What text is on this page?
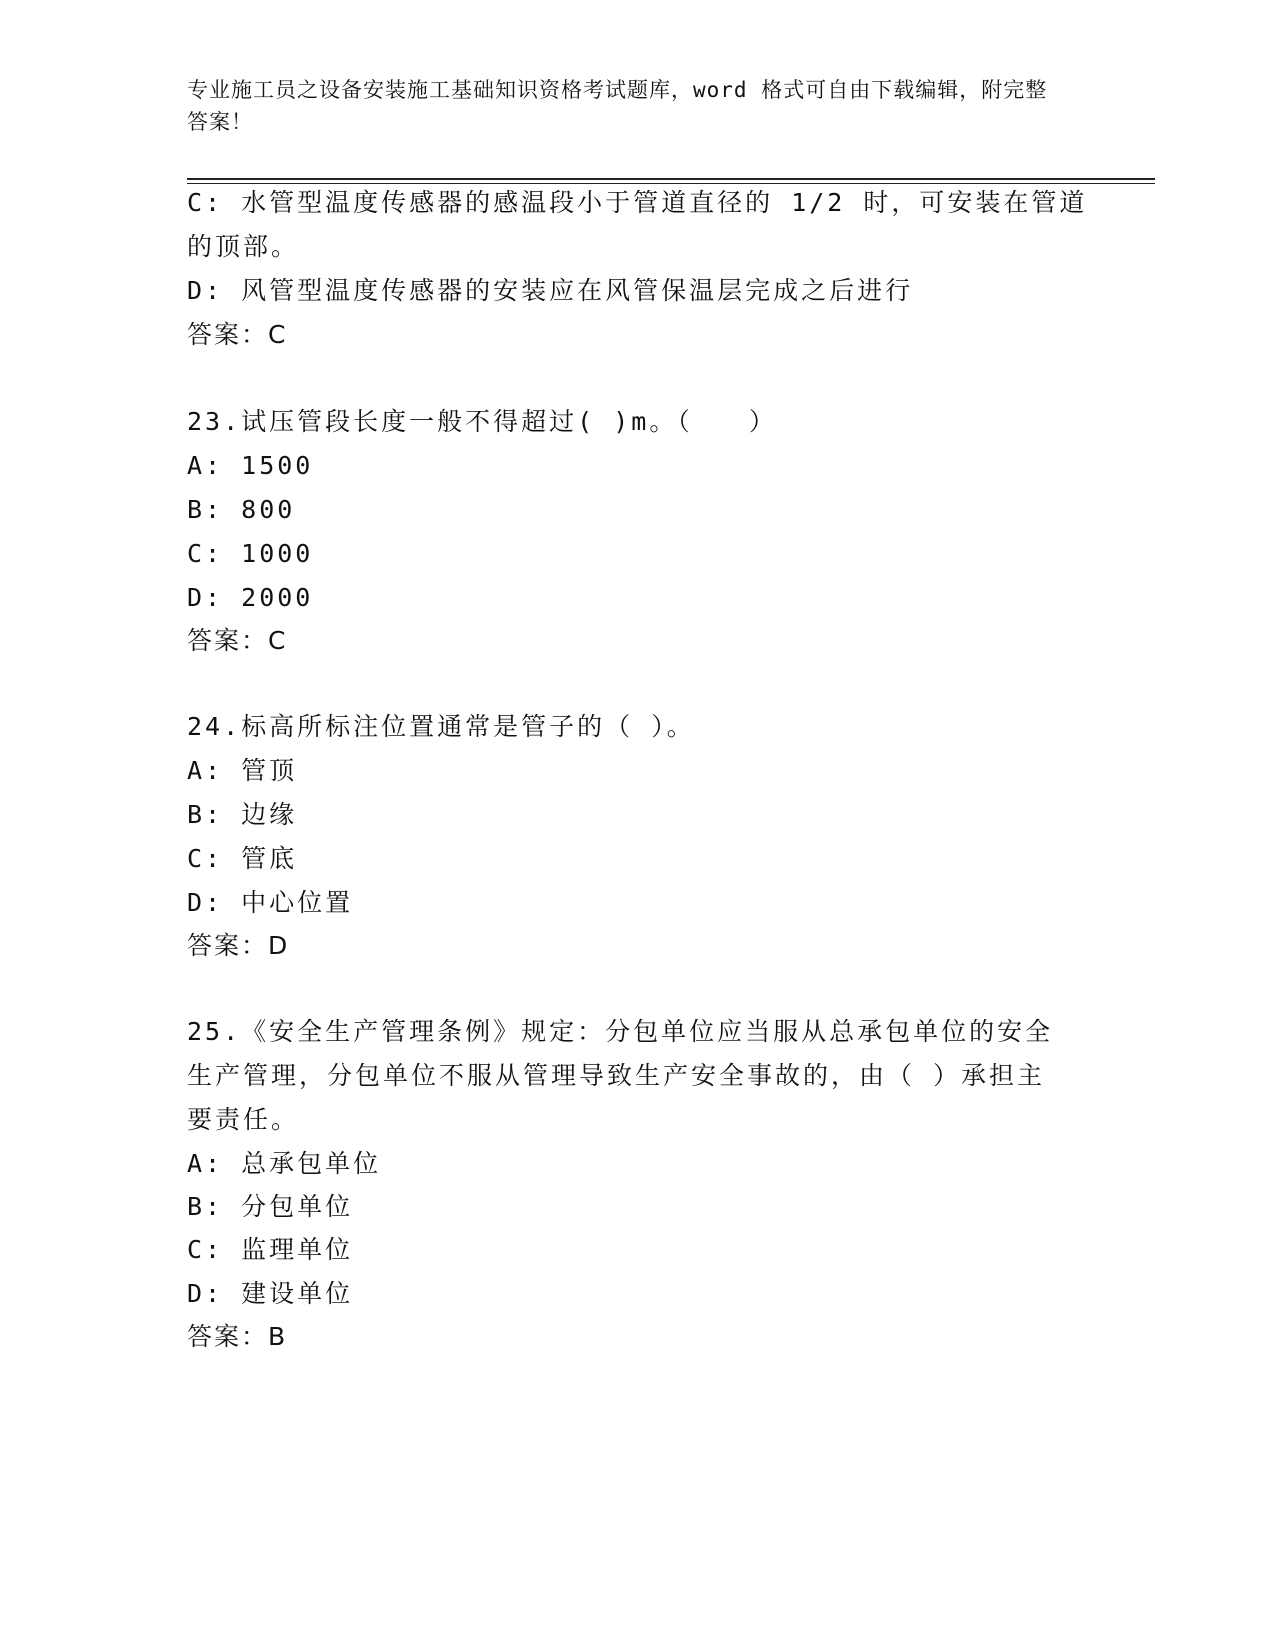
专业施工员之设备安装施工基础知识资格考试题库，word 格式可自由下载编辑，附完整答案！
C: 水管型温度传感器的感温段小于管道直径的 1/2 时，可安装在管道
的顶部。
D: 风管型温度传感器的安装应在风管保温层完成之后进行
答案：C
23.试压管段长度一般不得超过( )m。（　　）
A: 1500
B: 800
C: 1000
D: 2000
答案：C
24.标高所标注位置通常是管子的（ ）。
A: 管顶
B: 边缘
C: 管底
D: 中心位置
答案：D
25.《安全生产管理条例》规定：分包单位应当服从总承包单位的安全
生产管理，分包单位不服从管理导致生产安全事故的，由（ ）承担主
要责任。
A: 总承包单位
B: 分包单位
C: 监理单位
D: 建设单位
答案：B
